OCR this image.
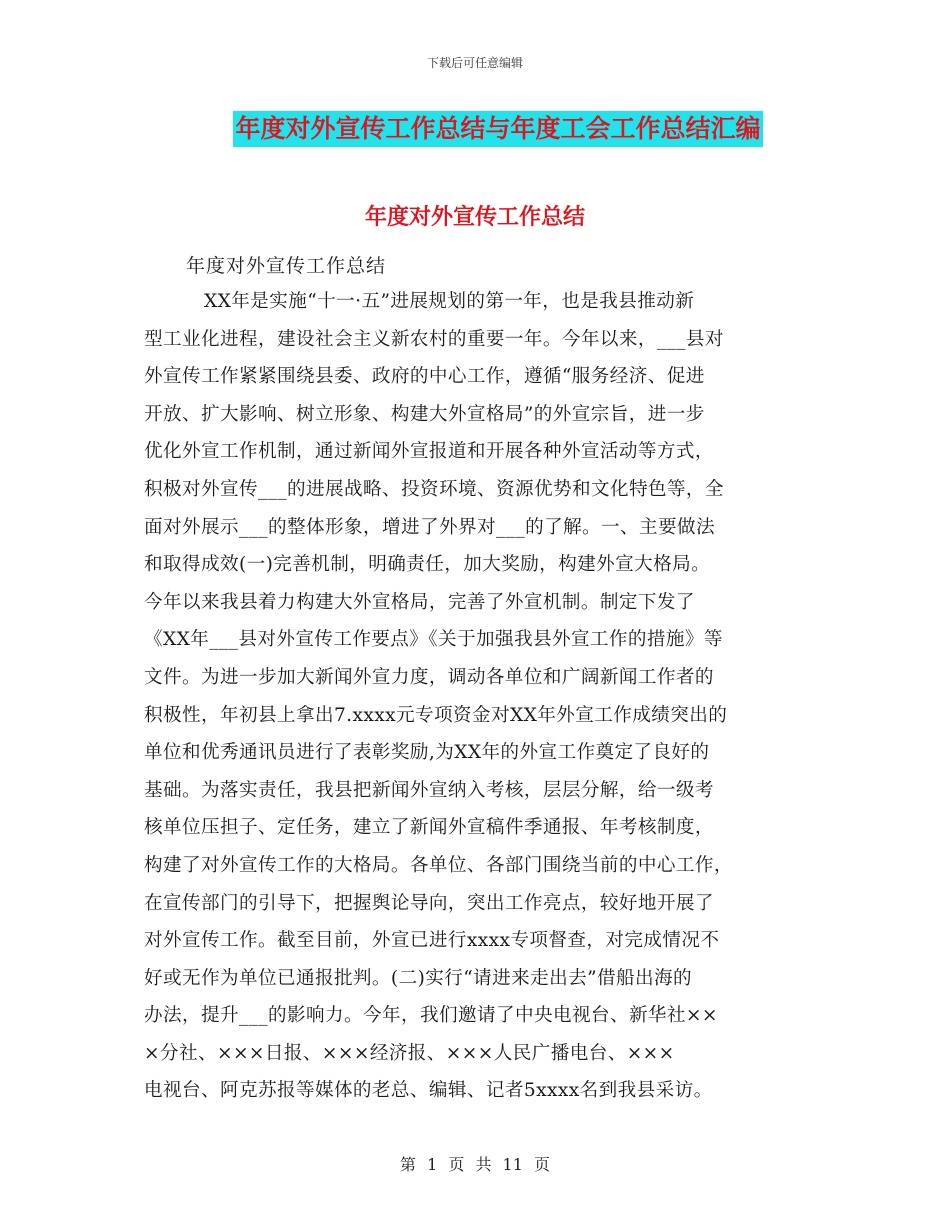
下载后可任意编辑
年度对外宣传工作总结与年度工会工作总结汇编
年度对外宣传工作总结
年度对外宣传工作总结
XX年是实施“十一·五”进展规划的第一年，也是我县推动新
型工业化进程，建设社会主义新农村的重要一年。今年以来，___县对
外宣传工作紧紧围绕县委、政府的中心工作，遵循“服务经济、促进
开放、扩大影响、树立形象、构建大外宣格局”的外宣宗旨，进一步
优化外宣工作机制，通过新闻外宣报道和开展各种外宣活动等方式，
积极对外宣传___的进展战略、投资环境、资源优势和文化特色等，全
面对外展示___的整体形象，增进了外界对___的了解。一、主要做法
和取得成效(一)完善机制，明确责任，加大奖励，构建外宣大格局。
今年以来我县着力构建大外宣格局，完善了外宣机制。制定下发了
《XX年___县对外宣传工作要点》《关于加强我县外宣工作的措施》等
文件。为进一步加大新闻外宣力度，调动各单位和广阔新闻工作者的
积极性，年初县上拿出7.xxxx元专项资金对XX年外宣工作成绩突出的
单位和优秀通讯员进行了表彰奖励,为XX年的外宣工作奠定了良好的
基础。为落实责任，我县把新闻外宣纳入考核，层层分解，给一级考
核单位压担子、定任务，建立了新闻外宣稿件季通报、年考核制度，
构建了对外宣传工作的大格局。各单位、各部门围绕当前的中心工作，
在宣传部门的引导下，把握舆论导向，突出工作亮点，较好地开展了
对外宣传工作。截至目前，外宣已进行xxxx专项督查，对完成情况不
好或无作为单位已通报批判。(二)实行“请进来走出去”借船出海的
办法，提升___的影响力。今年，我们邀请了中央电视台、新华社××
×分社、×××日报、×××经济报、×××人民广播电台、×××
电视台、阿克苏报等媒体的老总、编辑、记者5xxxx名到我县采访。
第 1 页 共 11 页
